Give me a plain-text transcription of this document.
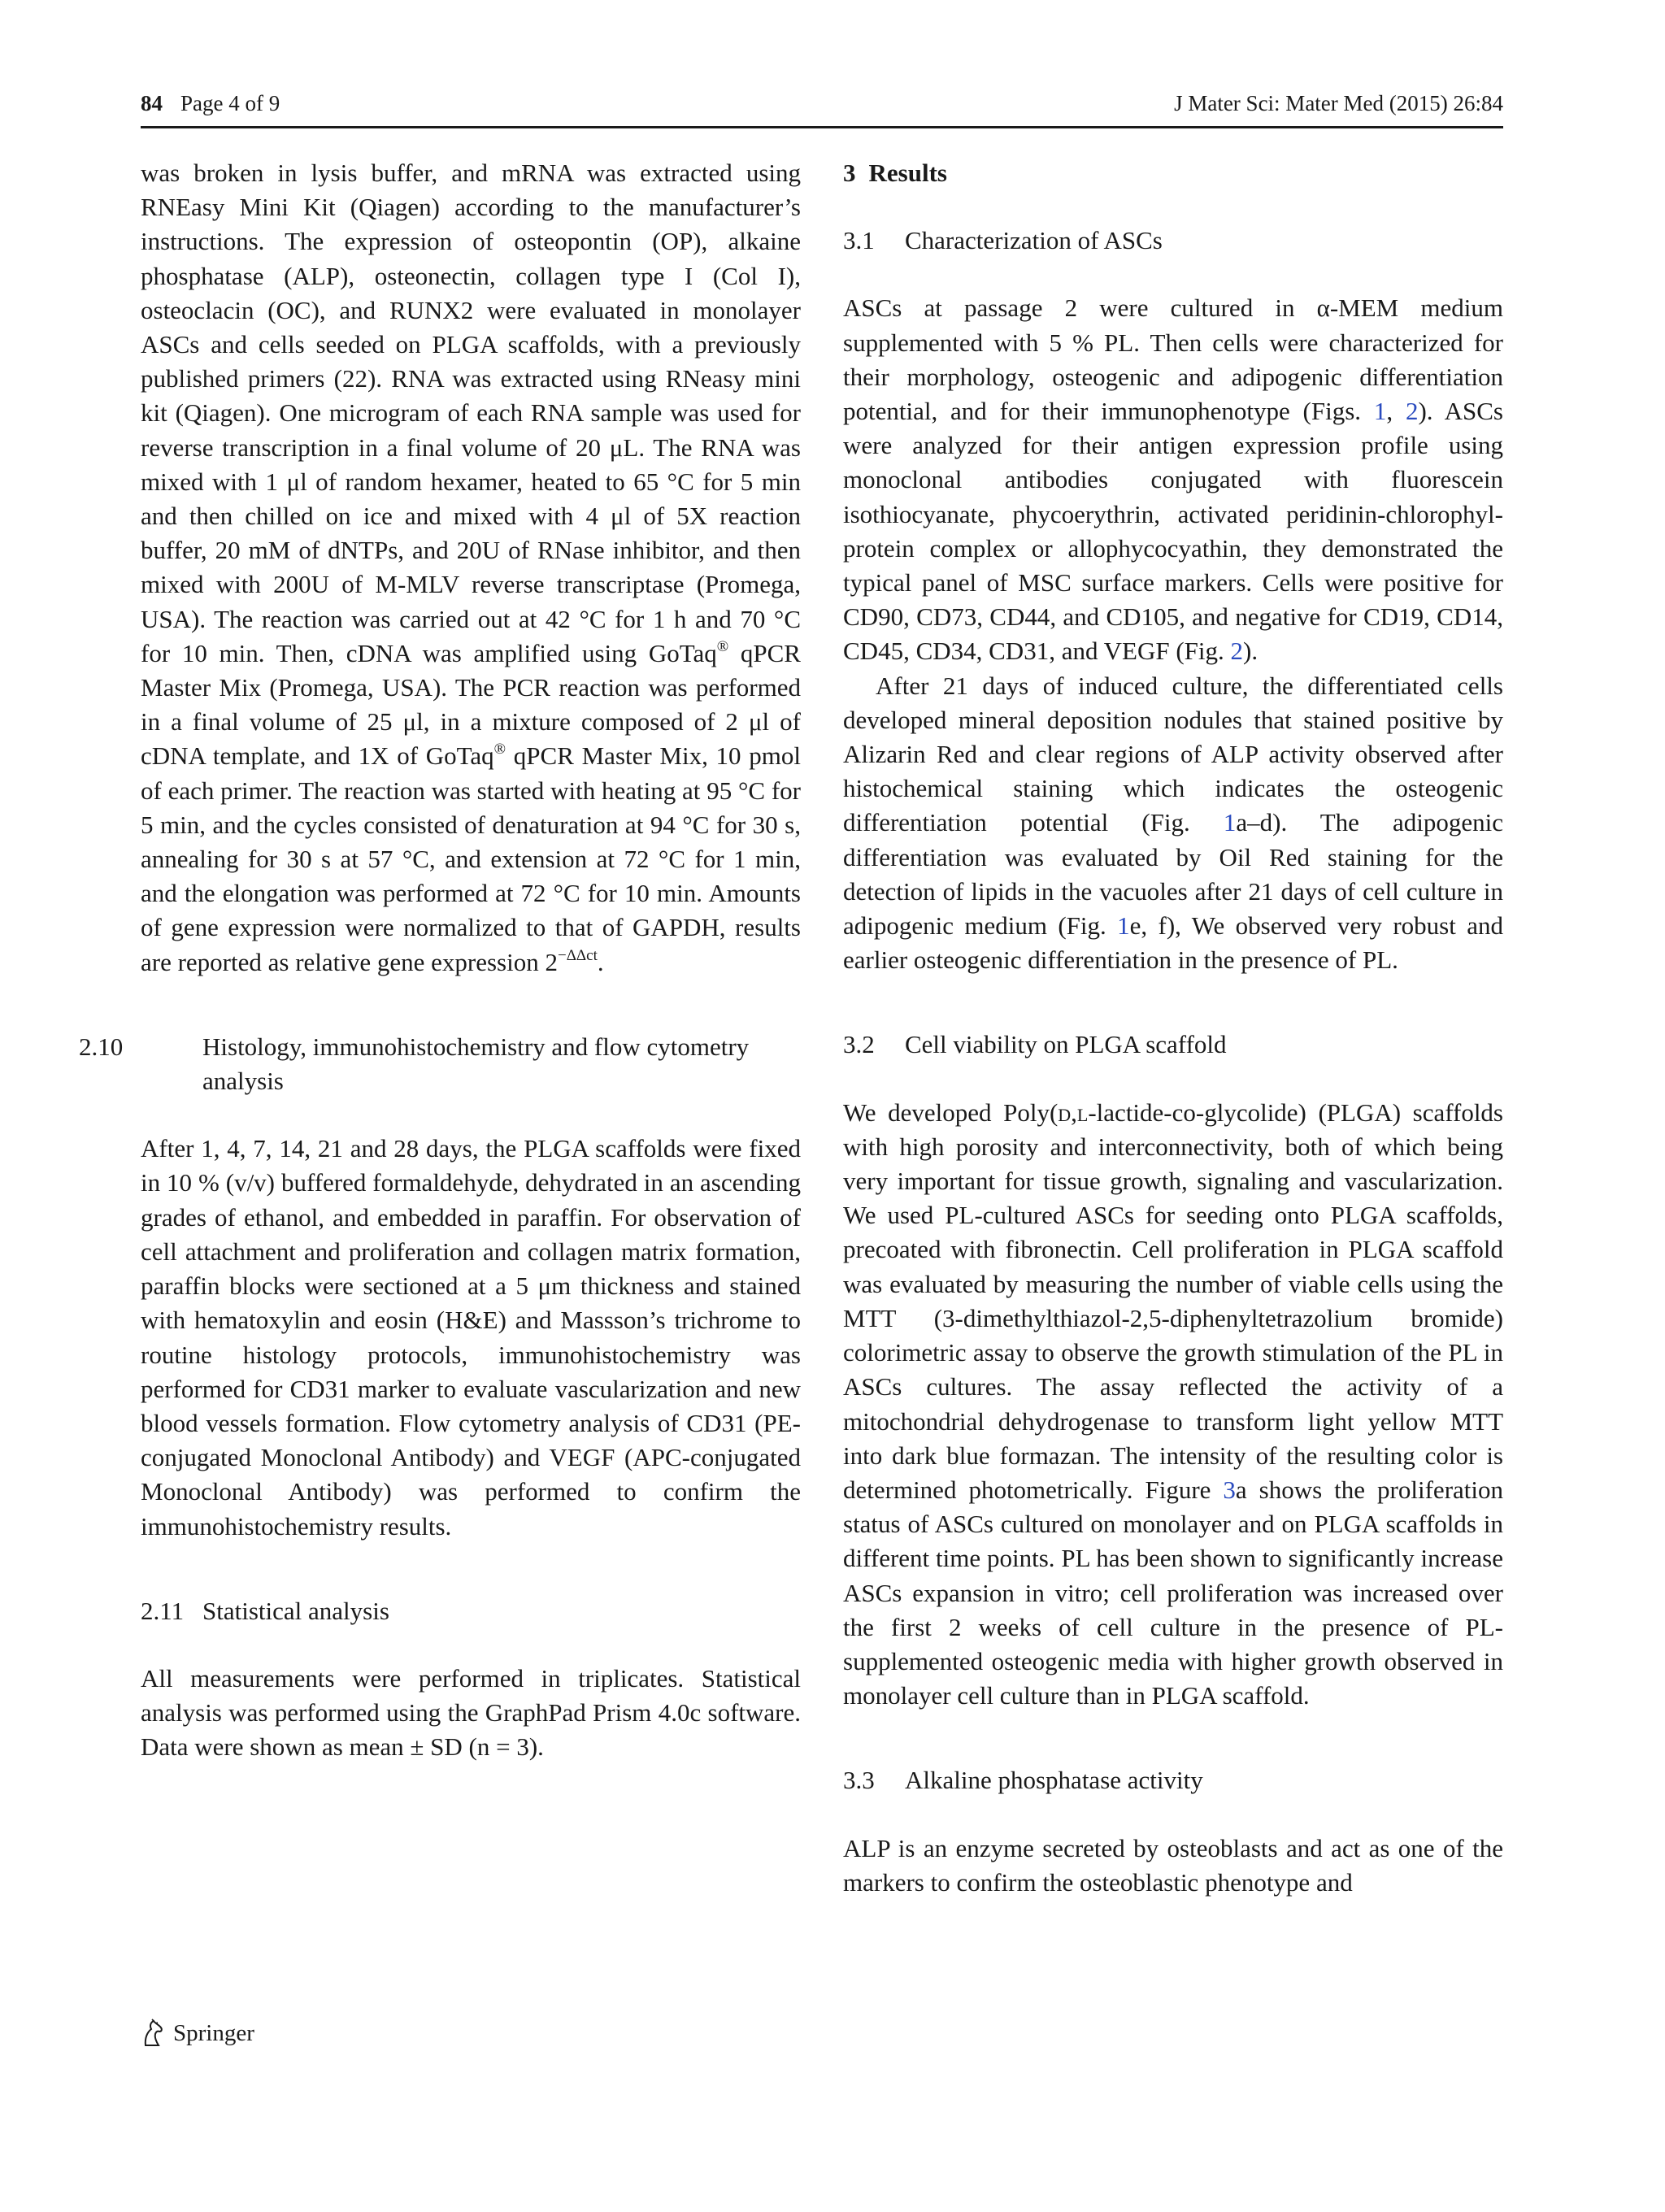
84 Page 4 of 9	J Mater Sci: Mater Med (2015) 26:84

was broken in lysis buffer, and mRNA was extracted using RNEasy Mini Kit (Qiagen) according to the manufacturer’s instructions. The expression of osteopontin (OP), alkaine phosphatase (ALP), osteonectin, collagen type I (Col I), osteoclacin (OC), and RUNX2 were evaluated in monolayer ASCs and cells seeded on PLGA scaffolds, with a previously published primers (22). RNA was extracted using RNeasy mini kit (Qiagen). One microgram of each RNA sample was used for reverse transcription in a final volume of 20 μL. The RNA was mixed with 1 μl of random hexamer, heated to 65 °C for 5 min and then chilled on ice and mixed with 4 μl of 5X reaction buffer, 20 mM of dNTPs, and 20U of RNase inhibitor, and then mixed with 200U of M-MLV reverse transcriptase (Promega, USA). The reaction was carried out at 42 °C for 1 h and 70 °C for 10 min. Then, cDNA was amplified using GoTaq® qPCR Master Mix (Promega, USA). The PCR reaction was performed in a final volume of 25 μl, in a mixture composed of 2 μl of cDNA template, and 1X of GoTaq® qPCR Master Mix, 10 pmol of each primer. The reaction was started with heating at 95 °C for 5 min, and the cycles consisted of denaturation at 94 °C for 30 s, annealing for 30 s at 57 °C, and extension at 72 °C for 1 min, and the elongation was performed at 72 °C for 10 min. Amounts of gene expression were normalized to that of GAPDH, results are reported as relative gene expression $2^{-\Delta\Delta ct}$.

2.10	Histology, immunohistochemistry and flow cytometry analysis

After 1, 4, 7, 14, 21 and 28 days, the PLGA scaffolds were fixed in 10 % (v/v) buffered formaldehyde, dehydrated in an ascending grades of ethanol, and embedded in paraffin. For observation of cell attachment and proliferation and collagen matrix formation, paraffin blocks were sectioned at a 5 μm thickness and stained with hematoxylin and eosin (H&E) and Massson’s trichrome to routine histology protocols, immunohistochemistry was performed for CD31 marker to evaluate vascularization and new blood vessels formation. Flow cytometry analysis of CD31 (PE-conjugated Monoclonal Antibody) and VEGF (APC-conjugated Monoclonal Antibody) was performed to confirm the immunohistochemistry results.

2.11 Statistical analysis

All measurements were performed in triplicates. Statistical analysis was performed using the GraphPad Prism 4.0c software. Data were shown as mean ± SD (n = 3).

3 Results
3.1 Characterization of ASCs

ASCs at passage 2 were cultured in α-MEM medium supplemented with 5 % PL. Then cells were characterized for their morphology, osteogenic and adipogenic differentiation potential, and for their immunophenotype (Figs. 1, 2). ASCs were analyzed for their antigen expression profile using monoclonal antibodies conjugated with fluorescein isothiocyanate, phycoerythrin, activated peridinin-chlorophyl-protein complex or allophycocyathin, they demonstrated the typical panel of MSC surface markers. Cells were positive for CD90, CD73, CD44, and CD105, and negative for CD19, CD14, CD45, CD34, CD31, and VEGF (Fig. 2).

After 21 days of induced culture, the differentiated cells developed mineral deposition nodules that stained positive by Alizarin Red and clear regions of ALP activity observed after histochemical staining which indicates the osteogenic differentiation potential (Fig. 1a–d). The adipogenic differentiation was evaluated by Oil Red staining for the detection of lipids in the vacuoles after 21 days of cell culture in adipogenic medium (Fig. 1e, f), We observed very robust and earlier osteogenic differentiation in the presence of PL.

3.2 Cell viability on PLGA scaffold

We developed Poly(d,l-lactide-co-glycolide) (PLGA) scaffolds with high porosity and interconnectivity, both of which being very important for tissue growth, signaling and vascularization. We used PL-cultured ASCs for seeding onto PLGA scaffolds, precoated with fibronectin. Cell proliferation in PLGA scaffold was evaluated by measuring the number of viable cells using the MTT (3-dimethylthiazol-2,5-diphenyltetrazolium bromide) colorimetric assay to observe the growth stimulation of the PL in ASCs cultures. The assay reflected the activity of a mitochondrial dehydrogenase to transform light yellow MTT into dark blue formazan. The intensity of the resulting color is determined photometrically. Figure 3a shows the proliferation status of ASCs cultured on monolayer and on PLGA scaffolds in different time points. PL has been shown to significantly increase ASCs expansion in vitro; cell proliferation was increased over the first 2 weeks of cell culture in the presence of PL-supplemented osteogenic media with higher growth observed in monolayer cell culture than in PLGA scaffold.

3.3 Alkaline phosphatase activity

ALP is an enzyme secreted by osteoblasts and act as one of the markers to confirm the osteoblastic phenotype and

Springer
